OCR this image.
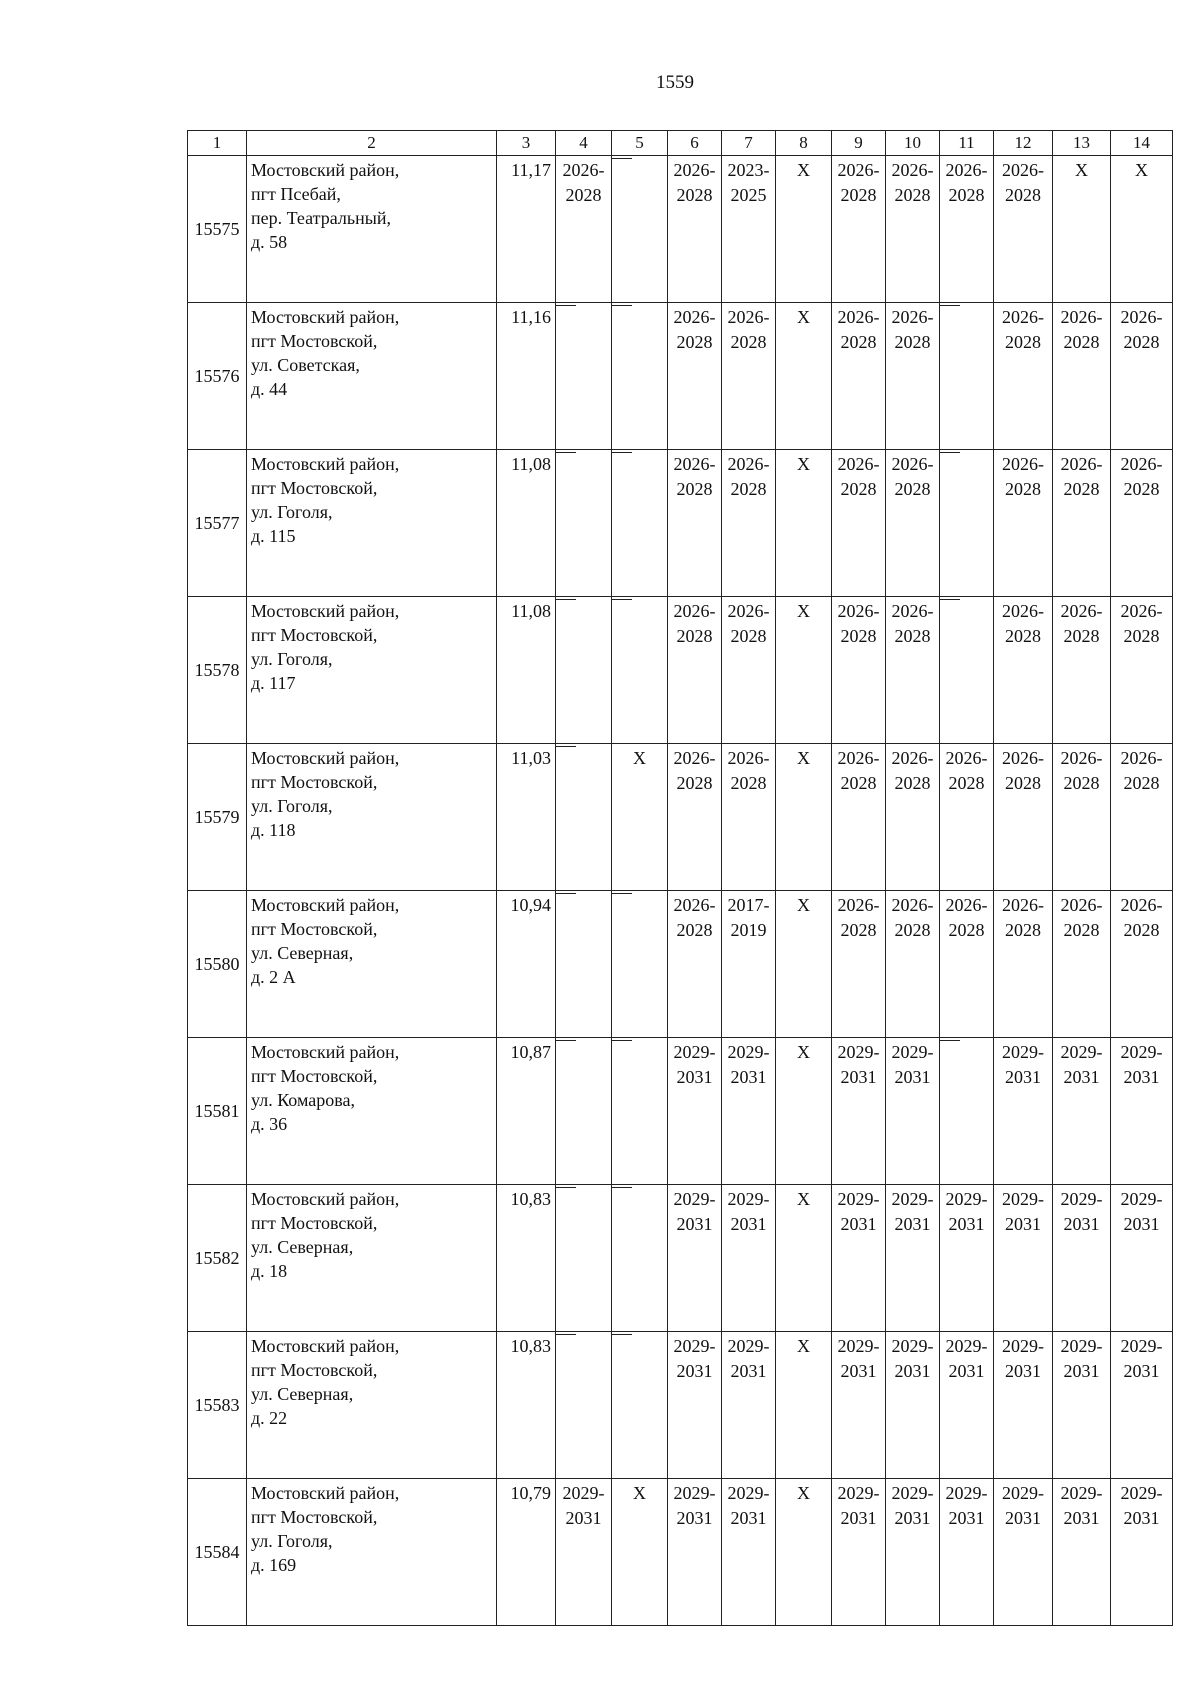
1559
1	2	3	4	5	6	7	8	9	10	11	12	13	14
15575	Мостовский район,
пгт Псебай,
пер. Театральный,
д. 58	11,17	2026-
2028		2026-
2028	2023-
2025	Х	2026-
2028	2026-
2028	2026-
2028	2026-
2028	Х	Х

15576	Мостовский район,
пгт Мостовской,
ул. Советская,
д. 44	11,16			2026-
2028	2026-
2028	Х	2026-
2028	2026-
2028		2026-
2028	2026-
2028	2026-
2028

15577	Мостовский район,
пгт Мостовской,
ул. Гоголя,
д. 115	11,08			2026-
2028	2026-
2028	Х	2026-
2028	2026-
2028		2026-
2028	2026-
2028	2026-
2028

15578	Мостовский район,
пгт Мостовской,
ул. Гоголя,
д. 117	11,08			2026-
2028	2026-
2028	Х	2026-
2028	2026-
2028		2026-
2028	2026-
2028	2026-
2028

15579	Мостовский район,
пгт Мостовской,
ул. Гоголя,
д. 118	11,03		Х	2026-
2028	2026-
2028	Х	2026-
2028	2026-
2028	2026-
2028	2026-
2028	2026-
2028	2026-
2028

15580	Мостовский район,
пгт Мостовской,
ул. Северная,
д. 2 А	10,94			2026-
2028	2017-
2019	Х	2026-
2028	2026-
2028	2026-
2028	2026-
2028	2026-
2028	2026-
2028

15581	Мостовский район,
пгт Мостовской,
ул. Комарова,
д. 36	10,87			2029-
2031	2029-
2031	Х	2029-
2031	2029-
2031		2029-
2031	2029-
2031	2029-
2031

15582	Мостовский район,
пгт Мостовской,
ул. Северная,
д. 18	10,83			2029-
2031	2029-
2031	Х	2029-
2031	2029-
2031	2029-
2031	2029-
2031	2029-
2031	2029-
2031

15583	Мостовский район,
пгт Мостовской,
ул. Северная,
д. 22	10,83			2029-
2031	2029-
2031	Х	2029-
2031	2029-
2031	2029-
2031	2029-
2031	2029-
2031	2029-
2031

15584	Мостовский район,
пгт Мостовской,
ул. Гоголя,
д. 169	10,79	2029-
2031	Х	2029-
2031	2029-
2031	Х	2029-
2031	2029-
2031	2029-
2031	2029-
2031	2029-
2031	2029-
2031
